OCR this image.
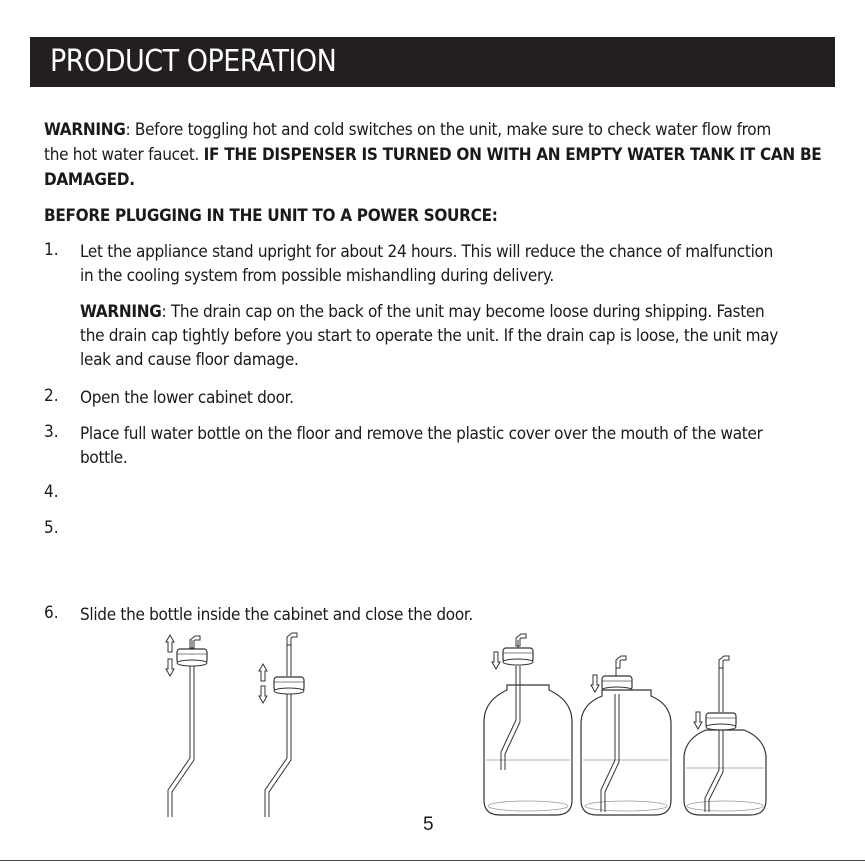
PRODUCT OPERATION
WARNING: Before toggling hot and cold switches on the unit, make sure to check water flow from
the hot water faucet. IF THE DISPENSER IS TURNED ON WITH AN EMPTY WATER TANK IT CAN BE
DAMAGED.
BEFORE PLUGGING IN THE UNIT TO A POWER SOURCE:
1. Let the appliance stand upright for about 24 hours. This will reduce the chance of malfunction
in the cooling system from possible mishandling during delivery.
WARNING: The drain cap on the back of the unit may become loose during shipping. Fasten
the drain cap tightly before you start to operate the unit. If the drain cap is loose, the unit may
leak and cause floor damage.
2. Open the lower cabinet door.
3. Place full water bottle on the floor and remove the plastic cover over the mouth of the water
bottle.
4.
5.
6. Slide the bottle inside the cabinet and close the door.
5
